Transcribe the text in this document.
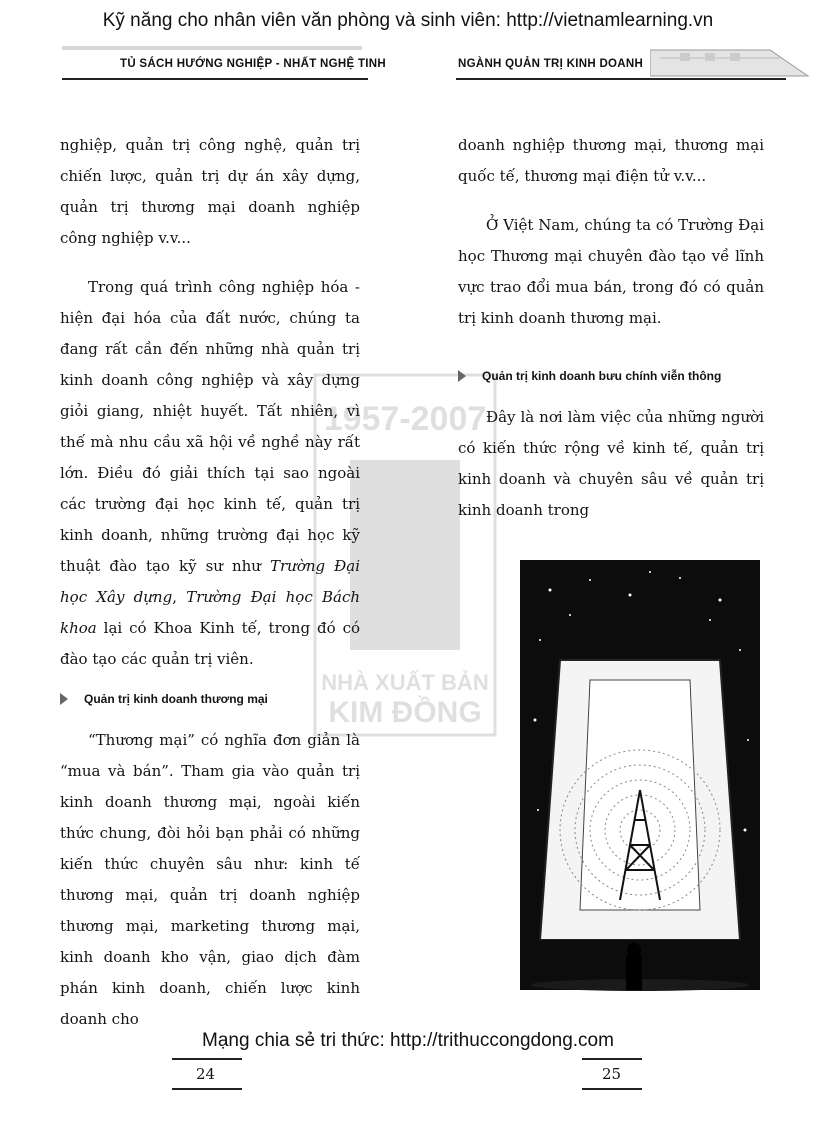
Kỹ năng cho nhân viên văn phòng và sinh viên: http://vietnamlearning.vn
TỦ SÁCH HƯỚNG NGHIỆP - NHẤT NGHỆ TINH	NGÀNH QUẢN TRỊ KINH DOANH
1957-2007
NHÀ XUẤT BẢN
KIM ĐỒNG

nghiệp, quản trị công nghệ, quản trị chiến lược, quản trị dự án xây dựng, quản trị thương mại doanh nghiệp công nghiệp v.v...

Trong quá trình công nghiệp hóa - hiện đại hóa của đất nước, chúng ta đang rất cần đến những nhà quản trị kinh doanh công nghiệp và xây dựng giỏi giang, nhiệt huyết. Tất nhiên, vì thế mà nhu cầu xã hội về nghề này rất lớn. Điều đó giải thích tại sao ngoài các trường đại học kinh tế, quản trị kinh doanh, những trường đại học kỹ thuật đào tạo kỹ sư như Trường Đại học Xây dựng, Trường Đại học Bách khoa lại có Khoa Kinh tế, trong đó có đào tạo các quản trị viên.

Quản trị kinh doanh thương mại

“Thương mại” có nghĩa đơn giản là “mua và bán”. Tham gia vào quản trị kinh doanh thương mại, ngoài kiến thức chung, đòi hỏi bạn phải có những kiến thức chuyên sâu như: kinh tế thương mại, quản trị doanh nghiệp thương mại, marketing thương mại, kinh doanh kho vận, giao dịch đàm phán kinh doanh, chiến lược kinh doanh cho

doanh nghiệp thương mại, thương mại quốc tế, thương mại điện tử v.v...

Ở Việt Nam, chúng ta có Trường Đại học Thương mại chuyên đào tạo về lĩnh vực trao đổi mua bán, trong đó có quản trị kinh doanh thương mại.

Quản trị kinh doanh bưu chính viễn thông

Đây là nơi làm việc của những người có kiến thức rộng về kinh tế, quản trị kinh doanh và chuyên sâu về quản trị kinh doanh trong

Mạng chia sẻ tri thức: http://trithuccongdong.com
24	25
